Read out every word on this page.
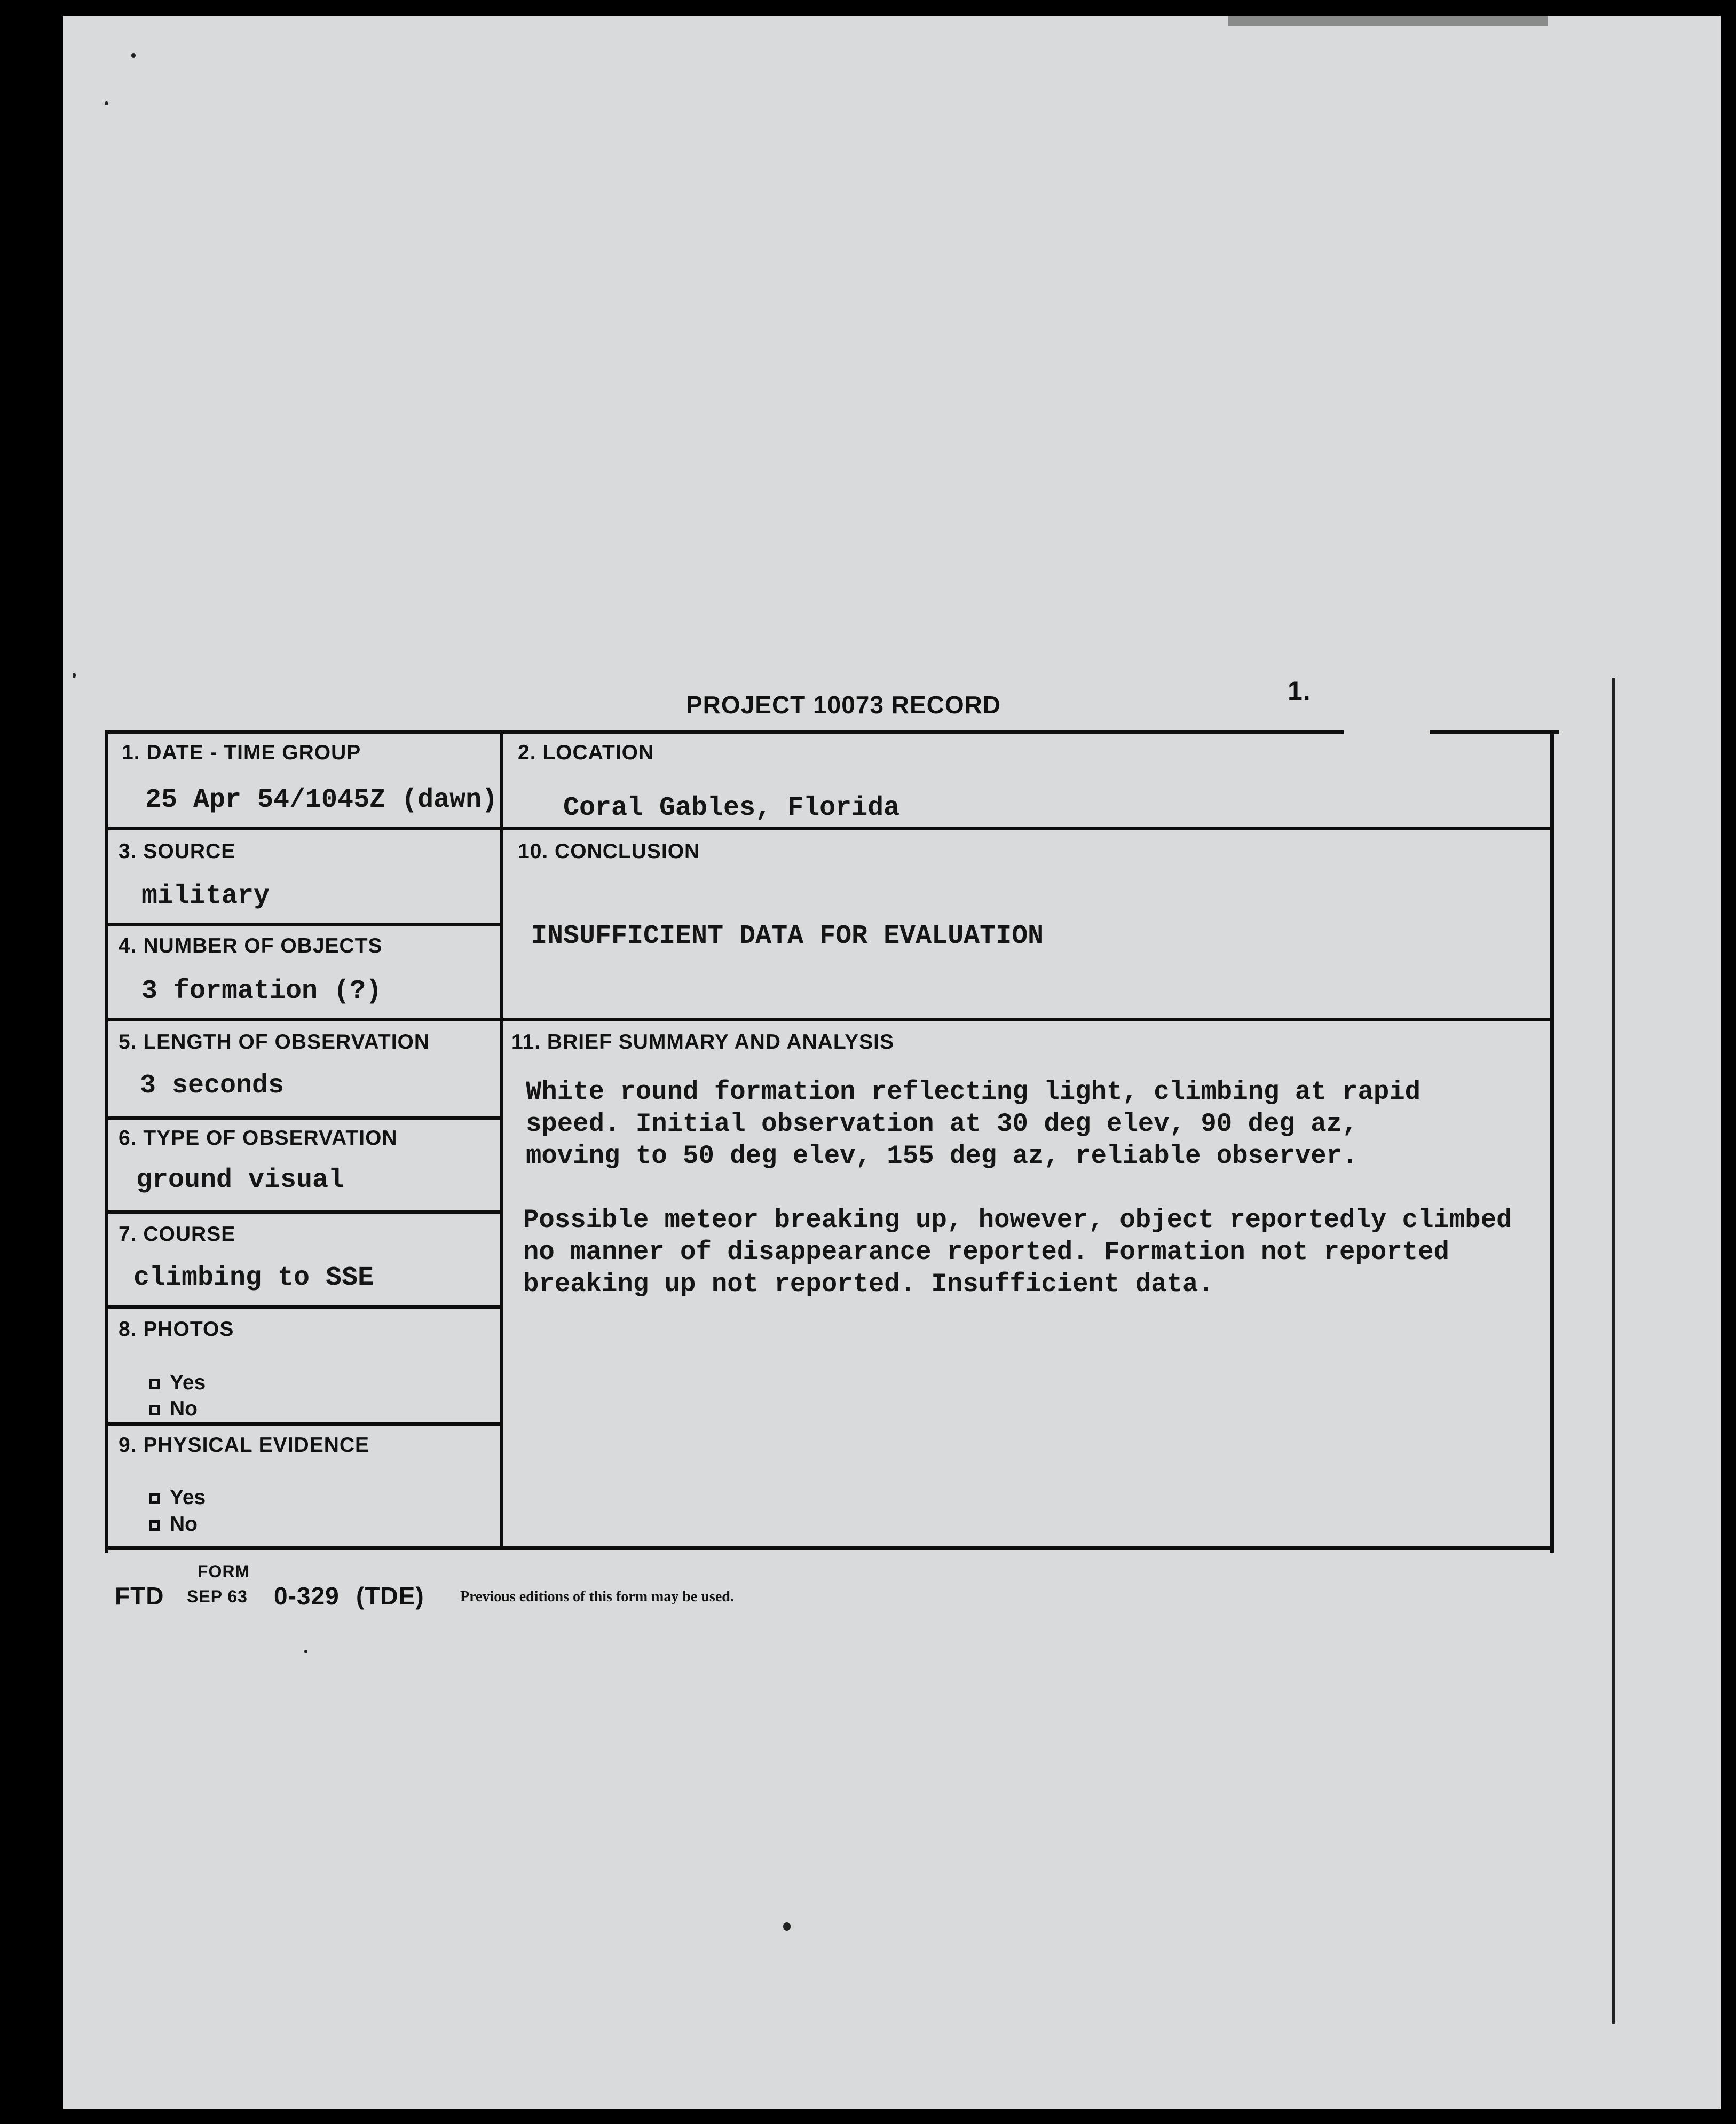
1.
PROJECT 10073 RECORD
1. DATE - TIME GROUP
25 Apr 54/1045Z (dawn)
2. LOCATION
Coral Gables, Florida
3. SOURCE
military
10. CONCLUSION
INSUFFICIENT DATA FOR EVALUATION
4. NUMBER OF OBJECTS
3 formation (?)
5. LENGTH OF OBSERVATION
3 seconds
11. BRIEF SUMMARY AND ANALYSIS
White round formation reflecting light, climbing at rapid
speed. Initial observation at 30 deg elev, 90 deg az,
moving to 50 deg elev, 155 deg az, reliable observer.
Possible meteor breaking up, however, object reportedly climbed
no manner of disappearance reported. Formation not reported
breaking up not reported. Insufficient data.
6. TYPE OF OBSERVATION
ground visual
7. COURSE
climbing to SSE
8. PHOTOS
Yes
No
9. PHYSICAL EVIDENCE
Yes
No
FORM
FTD SEP 63 0-329 (TDE) Previous editions of this form may be used.
